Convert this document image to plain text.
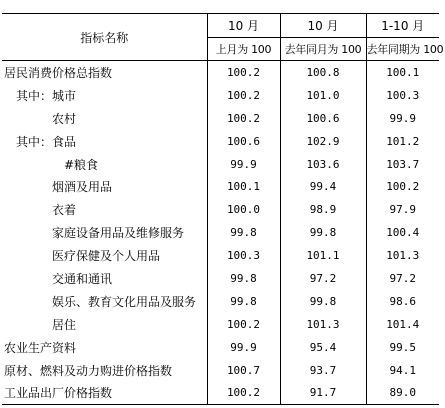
指标名称	10 月	10 月	1-10 月
	上月为 100	去年同月为 100	去年同期为 100
居民消费价格总指数	100.2	100.8	100.1
其中：城市	100.2	101.0	100.3
农村	100.2	100.6	99.9
其中：食品	100.6	102.9	101.2
#粮食	99.9	103.6	103.7
烟酒及用品	100.1	99.4	100.2
衣着	100.0	98.9	97.9
家庭设备用品及维修服务	99.8	99.8	100.4
医疗保健及个人用品	100.3	101.1	101.3
交通和通讯	99.8	97.2	97.2
娱乐、教育文化用品及服务	99.8	99.8	98.6
居住	100.2	101.3	101.4
农业生产资料	99.9	95.4	99.5
原材、燃料及动力购进价格指数	100.7	93.7	94.1
工业品出厂价格指数	100.2	91.7	89.0
